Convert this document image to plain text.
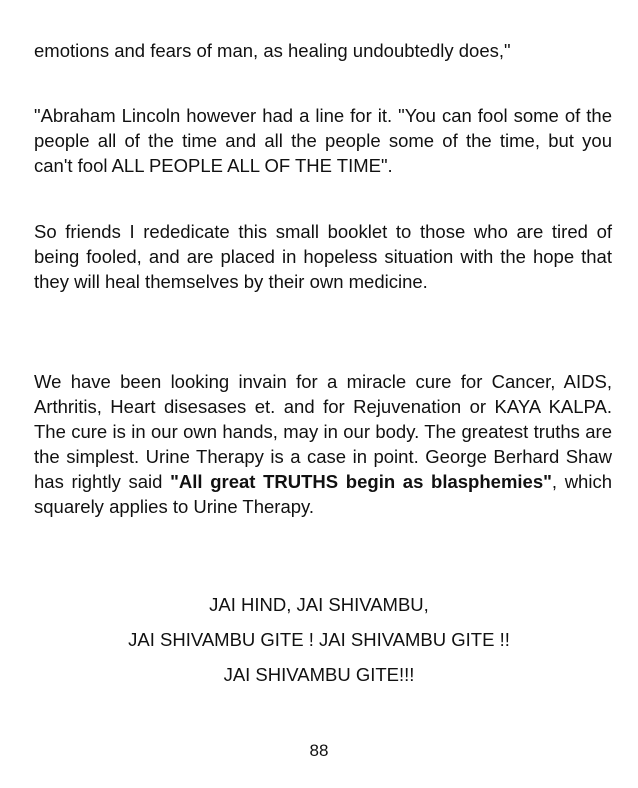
emotions and fears of man, as healing undoubtedly does,"

"Abraham Lincoln however had a line for it. "You can fool some of the people all of the time and all the people some of the time, but you can't fool ALL PEOPLE ALL OF THE TIME".

So friends I rededicate this small booklet to those who are tired of being fooled, and are placed in hopeless situation with the hope that they will heal themselves by their own medicine.

We have been looking invain for a miracle cure for Cancer, AIDS, Arthritis, Heart disesases et. and for Rejuvenation or KAYA KALPA. The cure is in our own hands, may in our body. The greatest truths are the simplest. Urine Therapy is a case in point. George Berhard Shaw has rightly said "All great TRUTHS begin as blasphemies", which squarely applies to Urine Therapy.

JAI HIND, JAI SHIVAMBU,

JAI SHIVAMBU GITE ! JAI SHIVAMBU GITE !!

JAI SHIVAMBU GITE!!!

88
